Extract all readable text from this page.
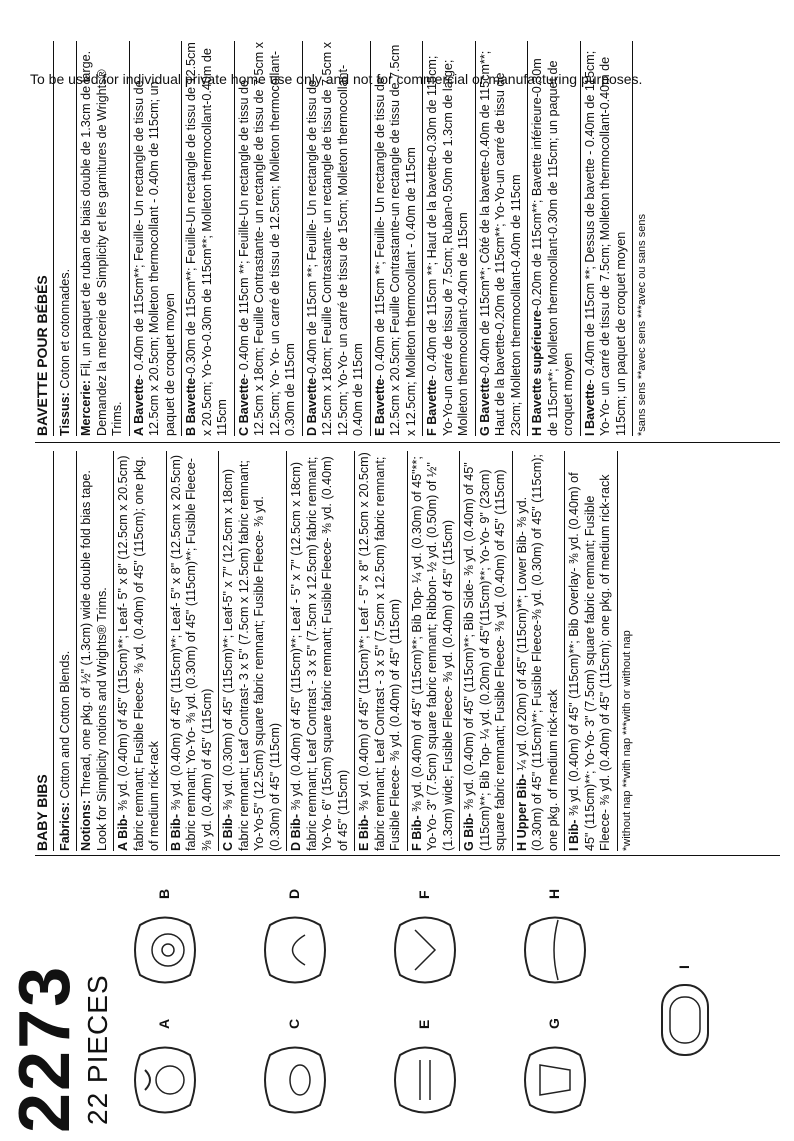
2273
22 PIECES	A
B
C
D
E
F
G
H
I
BABY BIBS Fabrics: Cotton and Cotton Blends.
Notions: Thread, one pkg. of ½" (1.3cm) wide double fold bias tape. Look for Simplicity notions and Wrights® Trims. A Bib- ⅜ yd. (0.40m) of 45" (115cm)**; Leaf- 5" x 8" (12.5cm x 20.5cm) fabric remnant; Fusible Fleece- ⅜ yd. (0.40m) of 45" (115cm); one pkg. of medium rick-rack B Bib- ⅜ yd. (0.40m) of 45" (115cm)**; Leaf- 5" x 8" (12.5cm x 20.5cm) fabric remnant; Yo-Yo- ⅜ yd. (0.30m) of 45" (115cm)**; Fusible Fleece- ⅜ yd. (0.40m) of 45" (115cm) C Bib- ⅜ yd. (0.30m) of 45" (115cm)**; Leaf-5" x 7" (12.5cm x 18cm) fabric remnant; Leaf Contrast- 3 x 5" (7.5cm x 12.5cm) fabric remnant; Yo-Yo-5" (12.5cm) square fabric remnant; Fusible Fleece- ⅜ yd. (0.30m) of 45" (115cm) D Bib- ⅜ yd. (0.40m) of 45" (115cm)**; Leaf - 5" x 7" (12.5cm x 18cm) fabric remnant; Leaf Contrast - 3 x 5" (7.5cm x 12.5cm) fabric remnant; Yo-Yo- 6" (15cm) square fabric remnant; Fusible Fleece- ⅜ yd. (0.40m) of 45" (115cm) E Bib- ⅜ yd. (0.40m) of 45" (115cm)**; Leaf - 5" x 8" (12.5cm x 20.5cm) fabric remnant; Leaf Contrast - 3 x 5" (7.5cm x 12.5cm) fabric remnant; Fusible Fleece- ⅜ yd. (0.40m) of 45" (115cm) F Bib- ⅜ yd. (0.40m) of 45" (115cm)**; Bib Top- ¼ yd. (0.30m) of 45"**; Yo-Yo- 3" (7.5cm) square fabric remnant; Ribbon- ½ yd. (0.50m) of ½" (1.3cm) wide; Fusible Fleece- ⅜ yd. (0.40m) of 45" (115cm) G Bib- ⅜ yd. (0.40m) of 45" (115cm)**; Bib Side- ⅜ yd. (0.40m) of 45" (115cm)**; Bib Top- ¼ yd. (0.20m) of 45"(115cm)**; Yo-Yo- 9" (23cm) square fabric remnant; Fusible Fleece- ⅜ yd. (0.40m) of 45" (115cm) H Upper Bib- ¼ yd. (0.20m) of 45" (115cm)**; Lower Bib- ⅜ yd. (0.30m) of 45" (115cm)**; Fusible Fleece-⅜ yd. (0.30m) of 45" (115cm); one pkg. of medium rick-rack I Bib- ⅜ yd. (0.40m) of 45" (115cm)**; Bib Overlay- ⅜ yd. (0.40m) of 45" (115cm)**; Yo-Yo- 3" (7.5cm) square fabric remnant; Fusible Fleece- ⅜ yd. (0.40m) of 45" (115cm); one pkg. of medium rick-rack *without nap **with nap ***with or without nap
BAVETTE POUR BÉBÉS Tissus: Coton et cotonnades.
Mercerie: Fil, un paquet de ruban de biais double de 1.3cm de large. Demandez la mercerie de Simplicity et les garnitures de Wrights® Trims. A Bavette- 0.40m de 115cm**; Feuille- Un rectangle de tissu de 12.5cm x 20.5cm; Molleton thermocollant - 0.40m de 115cm; un paquet de croquet moyen B Bavette-0.30m de 115cm**; Feuille-Un rectangle de tissu de 12.5cm x 20.5cm; Yo-Yo-0.30m de 115cm**; Molleton thermocollant-0.40m de 115cm C Bavette- 0.40m de 115cm **; Feuille-Un rectangle de tissu de 12.5cm x 18cm; Feuille Contrastante- un rectangle de tissu de 7.5cm x 12.5cm; Yo- Yo- un carré de tissu de 12.5cm; Molleton thermocollant-0.30m de 115cm D Bavette-0.40m de 115cm **; Feuille- Un rectangle de tissu de 12.5cm x 18cm; Feuille Contrastante- un rectangle de tissu de 7.5cm x 12.5cm; Yo-Yo- un carré de tissu de 15cm; Molleton thermocollant-0.40m de 115cm E Bavette- 0.40m de 115cm **; Feuille- Un rectangle de tissu de 12.5cm x 20.5cm; Feuille Contrastante-un rectangle de tissu de 7.5cm x 12.5cm; Molleton thermocollant - 0.40m de 115cm F Bavette- 0.40m de 115cm **; Haut de la bavette-0.30m de 115cm; Yo-Yo-un carré de tissu de 7.5cm; Ruban-0.50m de 1.3cm de large; Molleton thermocollant-0.40m de 115cm G Bavette-0.40m de 115cm**; Côté de la bavette-0.40m de 115cm**; Haut de la bavette-0.20m de 115cm**; Yo-Yo-un carré de tissu de 23cm; Molleton thermocollant-0.40m de 115cm H Bavette supérieure-0.20m de 115cm**; Bavette inférieure-0.30m de 115cm**; Molleton thermocollant-0.30m de 115cm; un paquet de croquet moyen I Bavette- 0.40m de 115cm **; Dessus de bavette - 0.40m de 115cm; Yo-Yo- un carré de tissu de 7.5cm; Molleton thermocollant-0.40m de 115cm; un paquet de croquet moyen *sans sens **avec sens ***avec ou sans sens
To be used for individual private home use only and not for commercial or manufacturing purposes.
